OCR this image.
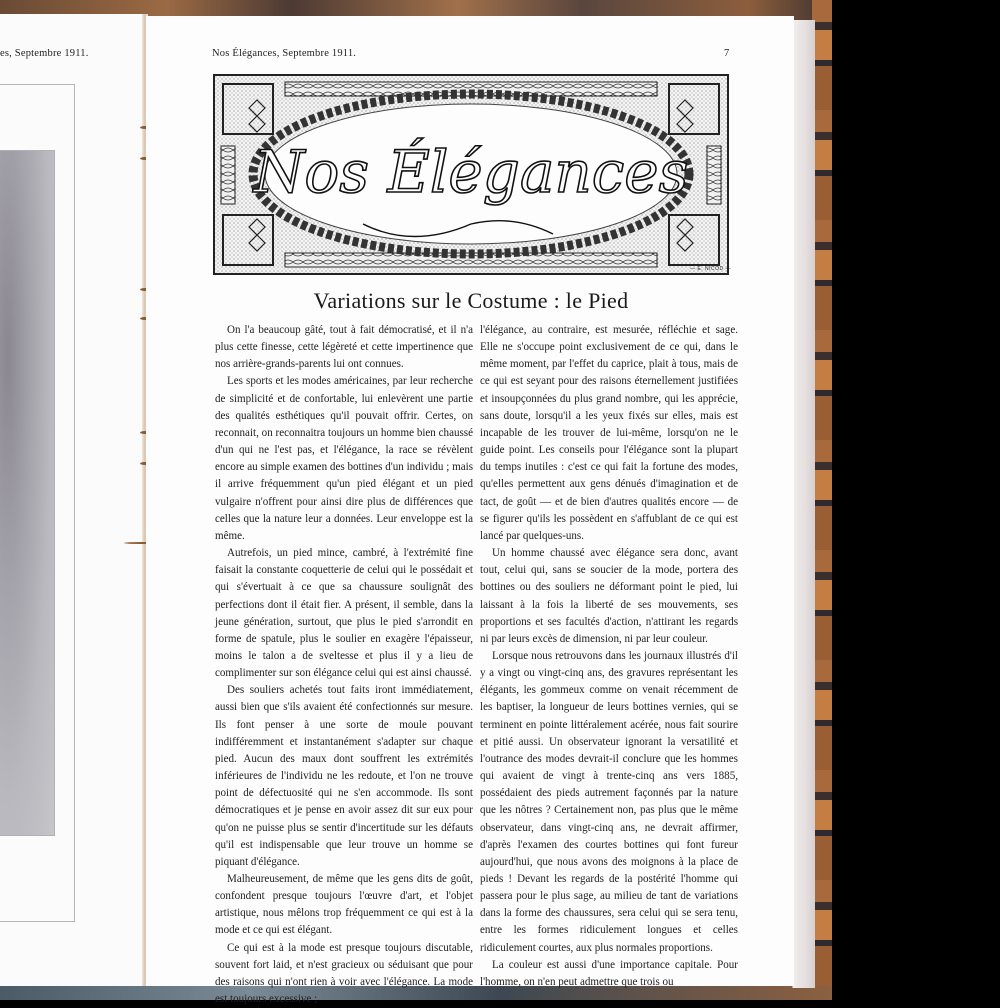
es, Septembre 1911.	Nos Élégances, Septembre 1911.	7
Nos Élégances
— E. NICOD —
Variations sur le Costume : le Pied

On l'a beaucoup gâté, tout à fait démocratisé, et il n'a plus cette finesse, cette légèreté et cette impertinence que nos arrière-grands-parents lui ont connues.

Les sports et les modes américaines, par leur recherche de simplicité et de confortable, lui enlevèrent une partie des qualités esthétiques qu'il pouvait offrir. Certes, on reconnait, on reconnaitra toujours un homme bien chaussé d'un qui ne l'est pas, et l'élégance, la race se révèlent encore au simple examen des bottines d'un individu ; mais il arrive fréquemment qu'un pied élégant et un pied vulgaire n'offrent pour ainsi dire plus de différences que celles que la nature leur a données. Leur enveloppe est la même.

Autrefois, un pied mince, cambré, à l'extrémité fine faisait la constante coquetterie de celui qui le possédait et qui s'évertuait à ce que sa chaussure soulignât des perfections dont il était fier. A présent, il semble, dans la jeune génération, surtout, que plus le pied s'arrondit en forme de spatule, plus le soulier en exagère l'épaisseur, moins le talon a de sveltesse et plus il y a lieu de complimenter sur son élégance celui qui est ainsi chaussé.

Des souliers achetés tout faits iront immédiatement, aussi bien que s'ils avaient été confectionnés sur mesure. Ils font penser à une sorte de moule pouvant indifféremment et instantanément s'adapter sur chaque pied. Aucun des maux dont souffrent les extrémités inférieures de l'individu ne les redoute, et l'on ne trouve point de défectuosité qui ne s'en accommode. Ils sont démocratiques et je pense en avoir assez dit sur eux pour qu'on ne puisse plus se sentir d'incertitude sur les défauts qu'il est indispensable que leur trouve un homme se piquant d'élégance.

Malheureusement, de même que les gens dits de goût, confondent presque toujours l'œuvre d'art, et l'objet artistique, nous mêlons trop fréquemment ce qui est à la mode et ce qui est élégant.

Ce qui est à la mode est presque toujours discutable, souvent fort laid, et n'est gracieux ou séduisant que pour des raisons qui n'ont rien à voir avec l'élégance. La mode est toujours excessive ;

l'élégance, au contraire, est mesurée, réfléchie et sage. Elle ne s'occupe point exclusivement de ce qui, dans le même moment, par l'effet du caprice, plait à tous, mais de ce qui est seyant pour des raisons éternellement justifiées et insoupçonnées du plus grand nombre, qui les apprécie, sans doute, lorsqu'il a les yeux fixés sur elles, mais est incapable de les trouver de lui-même, lorsqu'on ne le guide point. Les conseils pour l'élégance sont la plupart du temps inutiles : c'est ce qui fait la fortune des modes, qu'elles permettent aux gens dénués d'imagination et de tact, de goût — et de bien d'autres qualités encore — de se figurer qu'ils les possèdent en s'affublant de ce qui est lancé par quelques-uns.

Un homme chaussé avec élégance sera donc, avant tout, celui qui, sans se soucier de la mode, portera des bottines ou des souliers ne déformant point le pied, lui laissant à la fois la liberté de ses mouvements, ses proportions et ses facultés d'action, n'attirant les regards ni par leurs excès de dimension, ni par leur couleur.

Lorsque nous retrouvons dans les journaux illustrés d'il y a vingt ou vingt-cinq ans, des gravures représentant les élégants, les gommeux comme on venait récemment de les baptiser, la longueur de leurs bottines vernies, qui se terminent en pointe littéralement acérée, nous fait sourire et pitié aussi. Un observateur ignorant la versatilité et l'outrance des modes devrait-il conclure que les hommes qui avaient de vingt à trente-cinq ans vers 1885, possédaient des pieds autrement façonnés par la nature que les nôtres ? Certainement non, pas plus que le même observateur, dans vingt-cinq ans, ne devrait affirmer, d'après l'examen des courtes bottines qui font fureur aujourd'hui, que nous avons des moignons à la place de pieds ! Devant les regards de la postérité l'homme qui passera pour le plus sage, au milieu de tant de variations dans la forme des chaussures, sera celui qui se sera tenu, entre les formes ridiculement longues et celles ridiculement courtes, aux plus normales proportions.

La couleur est aussi d'une importance capitale. Pour l'homme, on n'en peut admettre que trois ou
